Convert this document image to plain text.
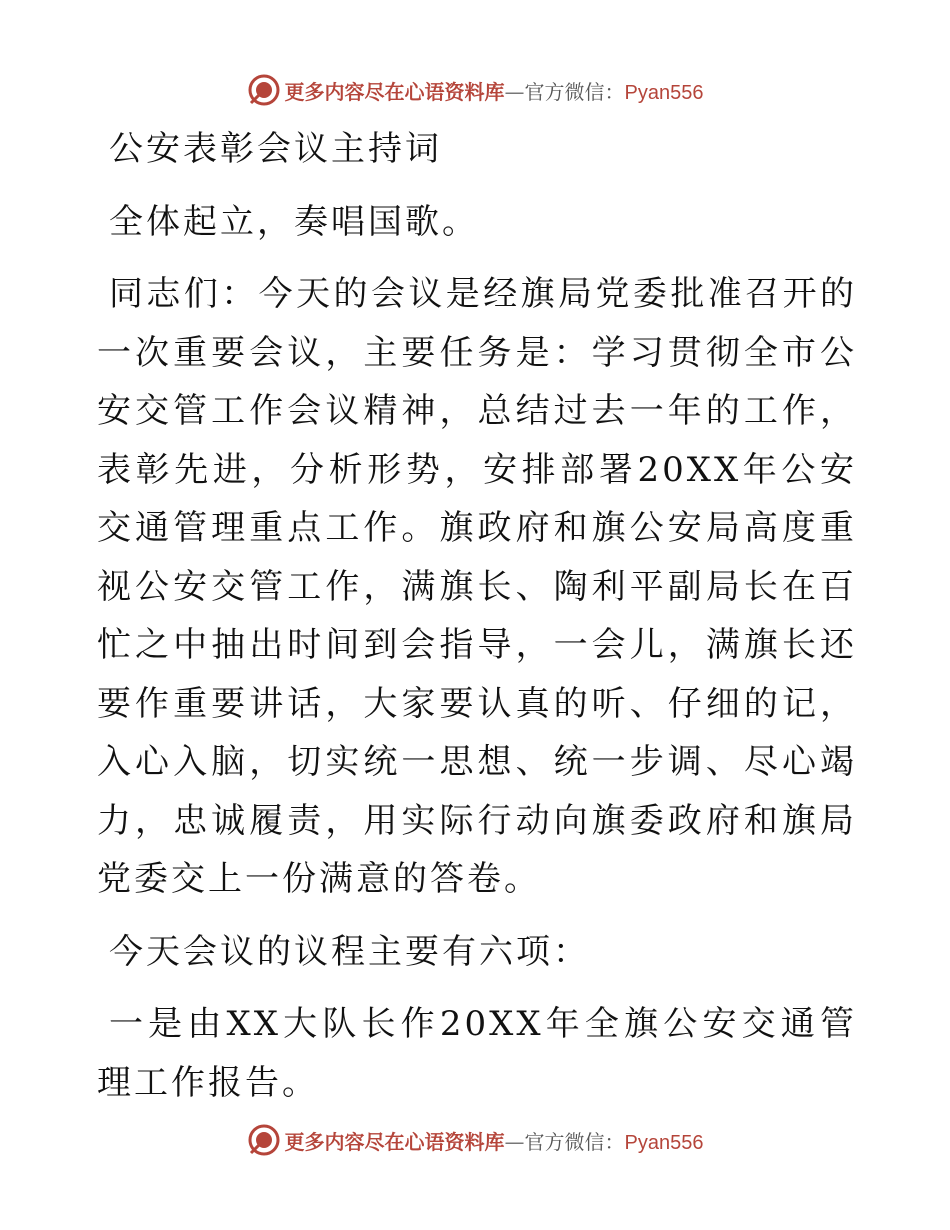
更多内容尽在心语资料库—官方微信：Pyan556

公安表彰会议主持词

全体起立，奏唱国歌。

同志们：今天的会议是经旗局党委批准召开的一次重要会议，主要任务是：学习贯彻全市公安交管工作会议精神，总结过去一年的工作，表彰先进，分析形势，安排部署20XX年公安交通管理重点工作。旗政府和旗公安局高度重视公安交管工作，满旗长、陶利平副局长在百忙之中抽出时间到会指导，一会儿，满旗长还要作重要讲话，大家要认真的听、仔细的记，入心入脑，切实统一思想、统一步调、尽心竭力，忠诚履责，用实际行动向旗委政府和旗局党委交上一份满意的答卷。

今天会议的议程主要有六项：

一是由XX大队长作20XX年全旗公安交通管理工作报告。

更多内容尽在心语资料库—官方微信：Pyan556
